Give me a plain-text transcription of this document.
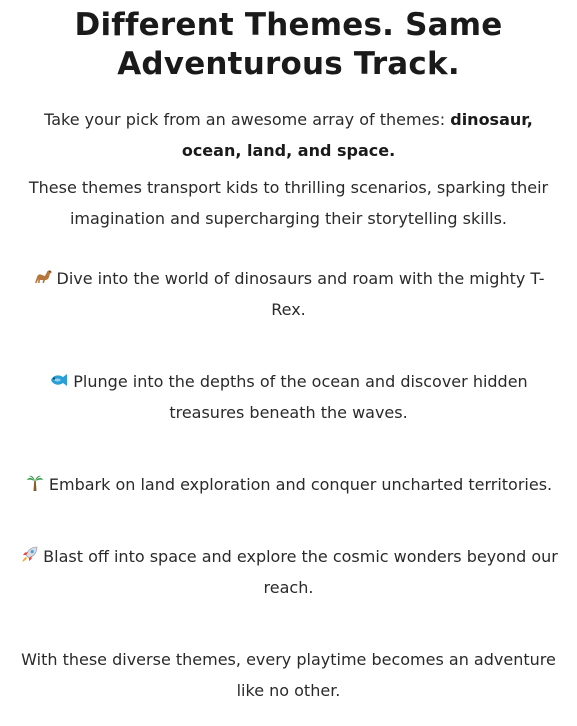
Different Themes. Same
Adventurous Track.

Take your pick from an awesome array of themes: dinosaur, ocean, land, and space.

These themes transport kids to thrilling scenarios, sparking their imagination and supercharging their storytelling skills.

Dive into the world of dinosaurs and roam with the mighty T-Rex.
Plunge into the depths of the ocean and discover hidden treasures beneath the waves.
Embark on land exploration and conquer uncharted territories.
Blast off into space and explore the cosmic wonders beyond our reach.

With these diverse themes, every playtime becomes an adventure like no other.
